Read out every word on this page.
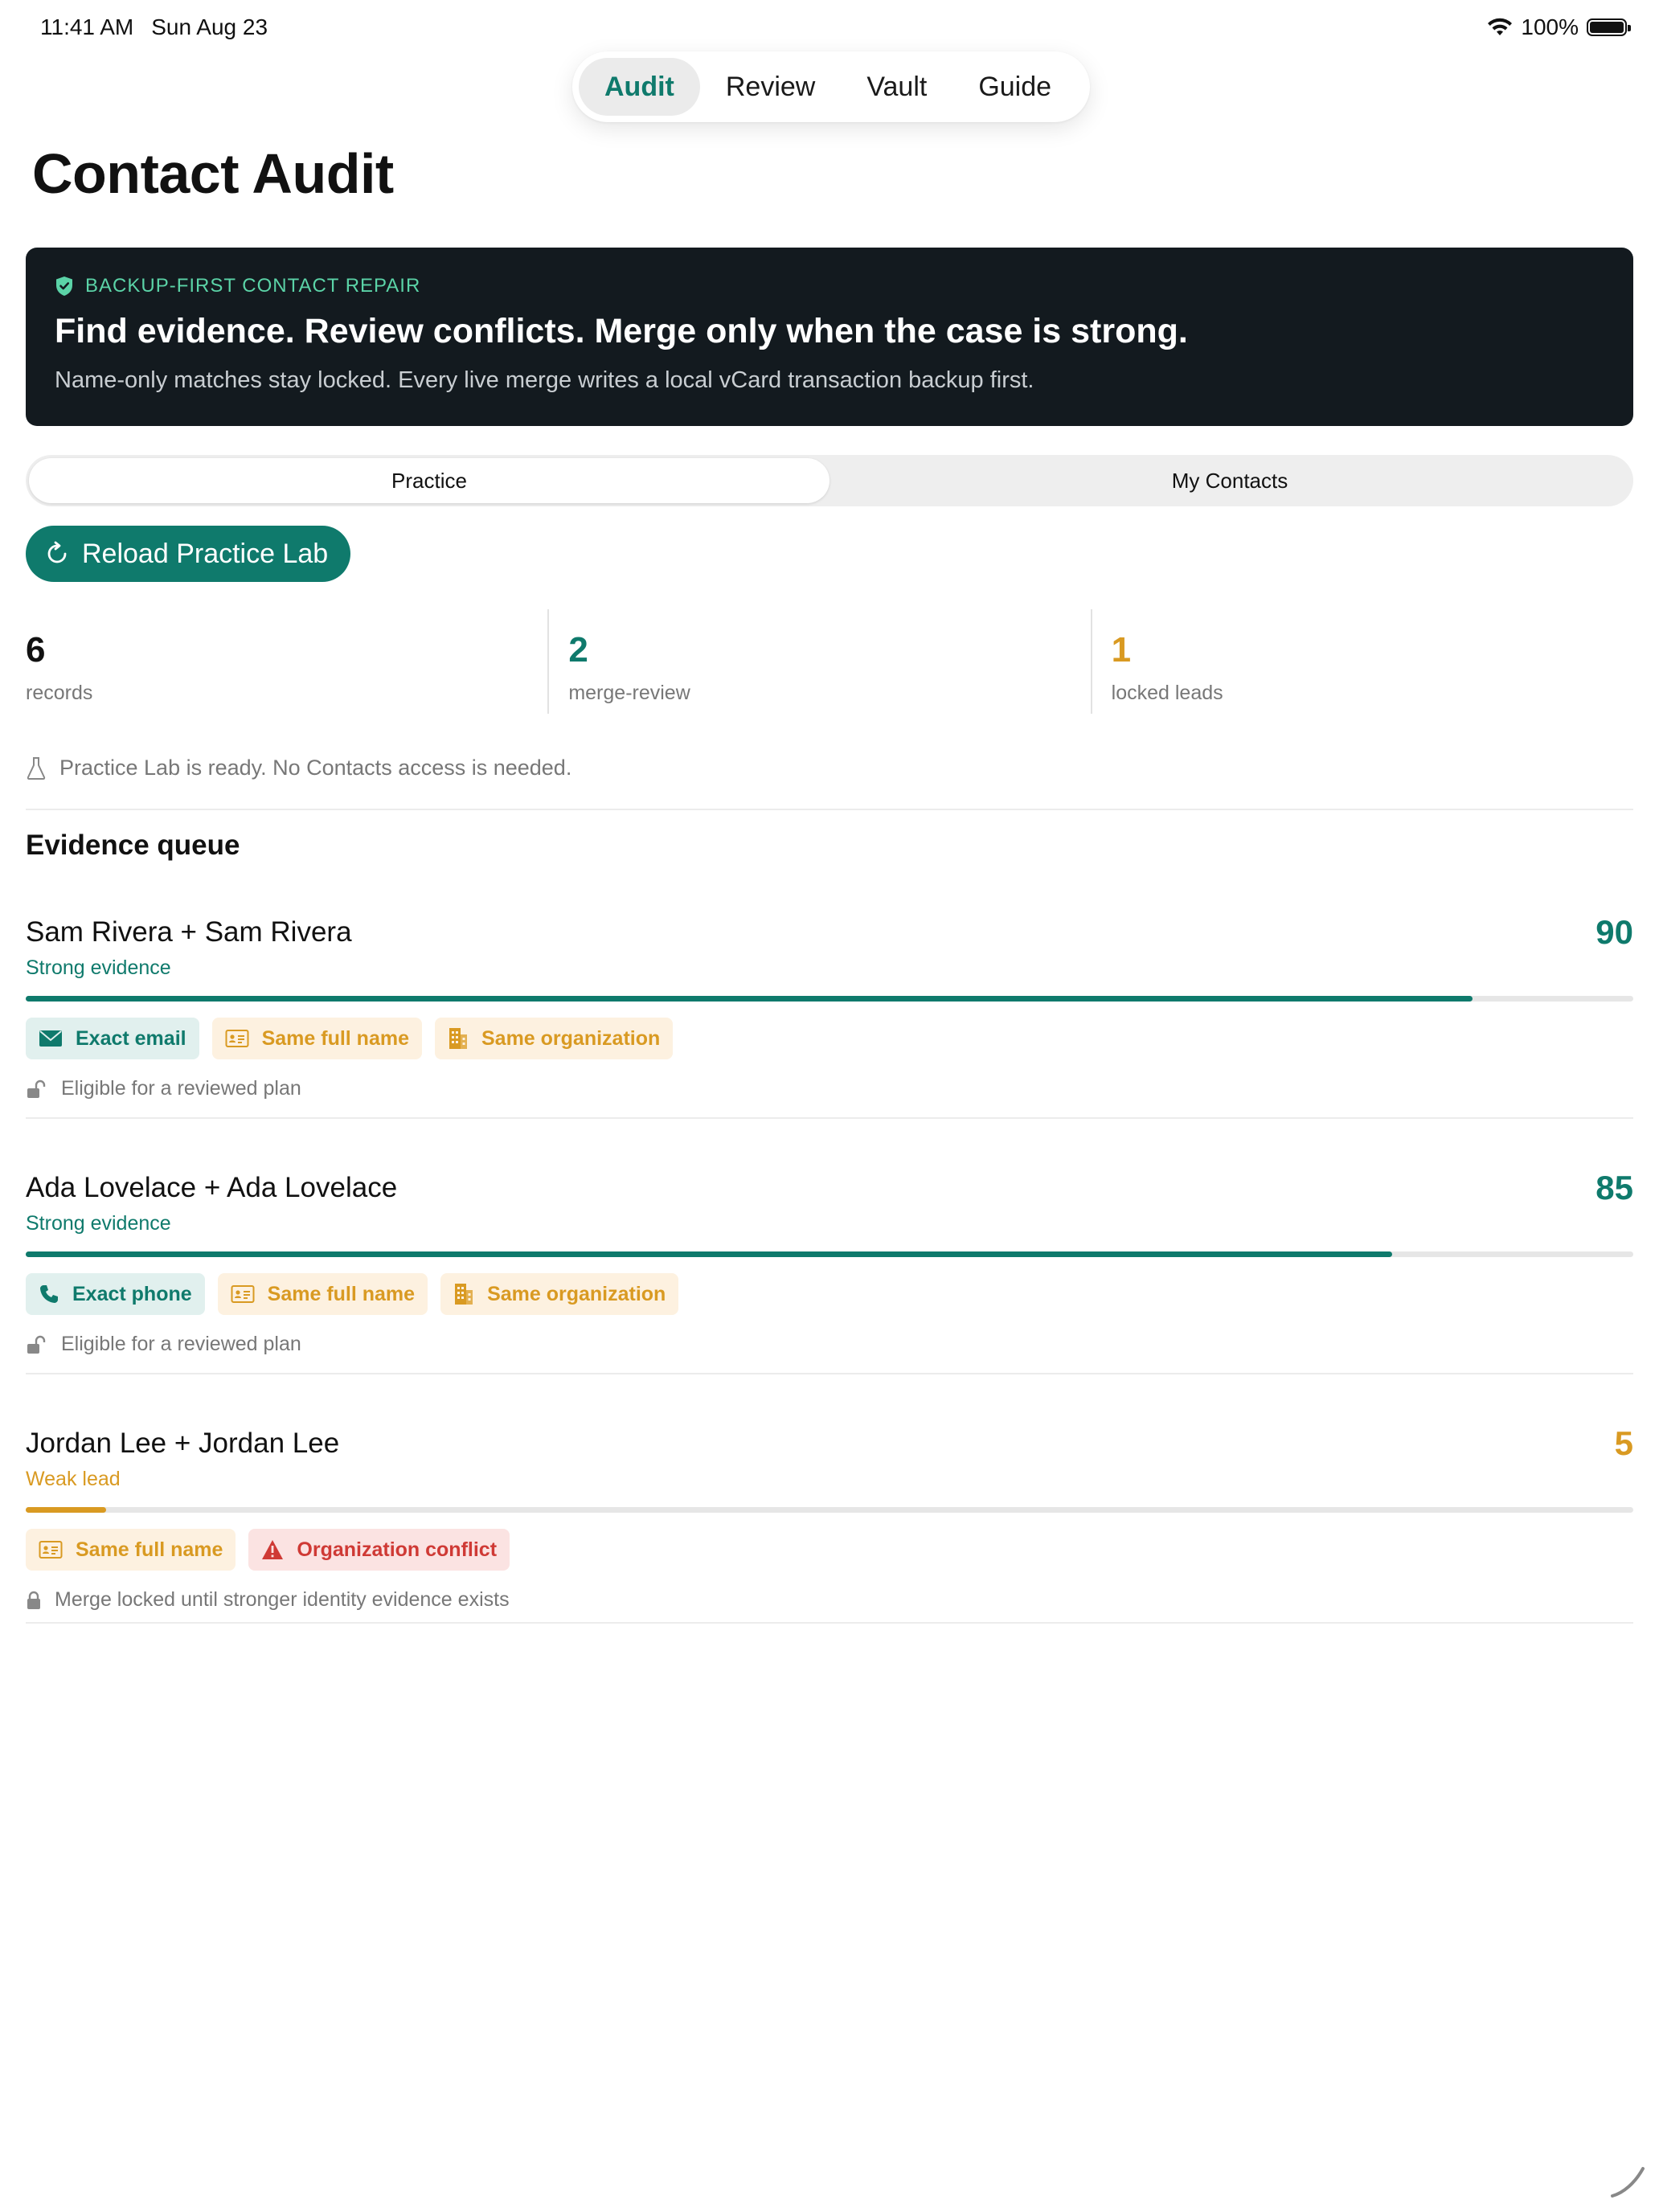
11:41 AM Sun Aug 23	100%
Audit	Review	Vault	Guide
Contact Audit
BACKUP-FIRST CONTACT REPAIR
Find evidence. Review conflicts. Merge only when the case is strong.
Name-only matches stay locked. Every live merge writes a local vCard transaction backup first.
Practice	My Contacts
Reload Practice Lab
6
records
2
merge-review
1
locked leads
Practice Lab is ready. No Contacts access is needed.
Evidence queue
Sam Rivera + Sam Rivera	90
Strong evidence
Exact email	Same full name	Same organization
Eligible for a reviewed plan
Ada Lovelace + Ada Lovelace	85
Strong evidence
Exact phone	Same full name	Same organization
Eligible for a reviewed plan
Jordan Lee + Jordan Lee	5
Weak lead
Same full name	Organization conflict
Merge locked until stronger identity evidence exists
